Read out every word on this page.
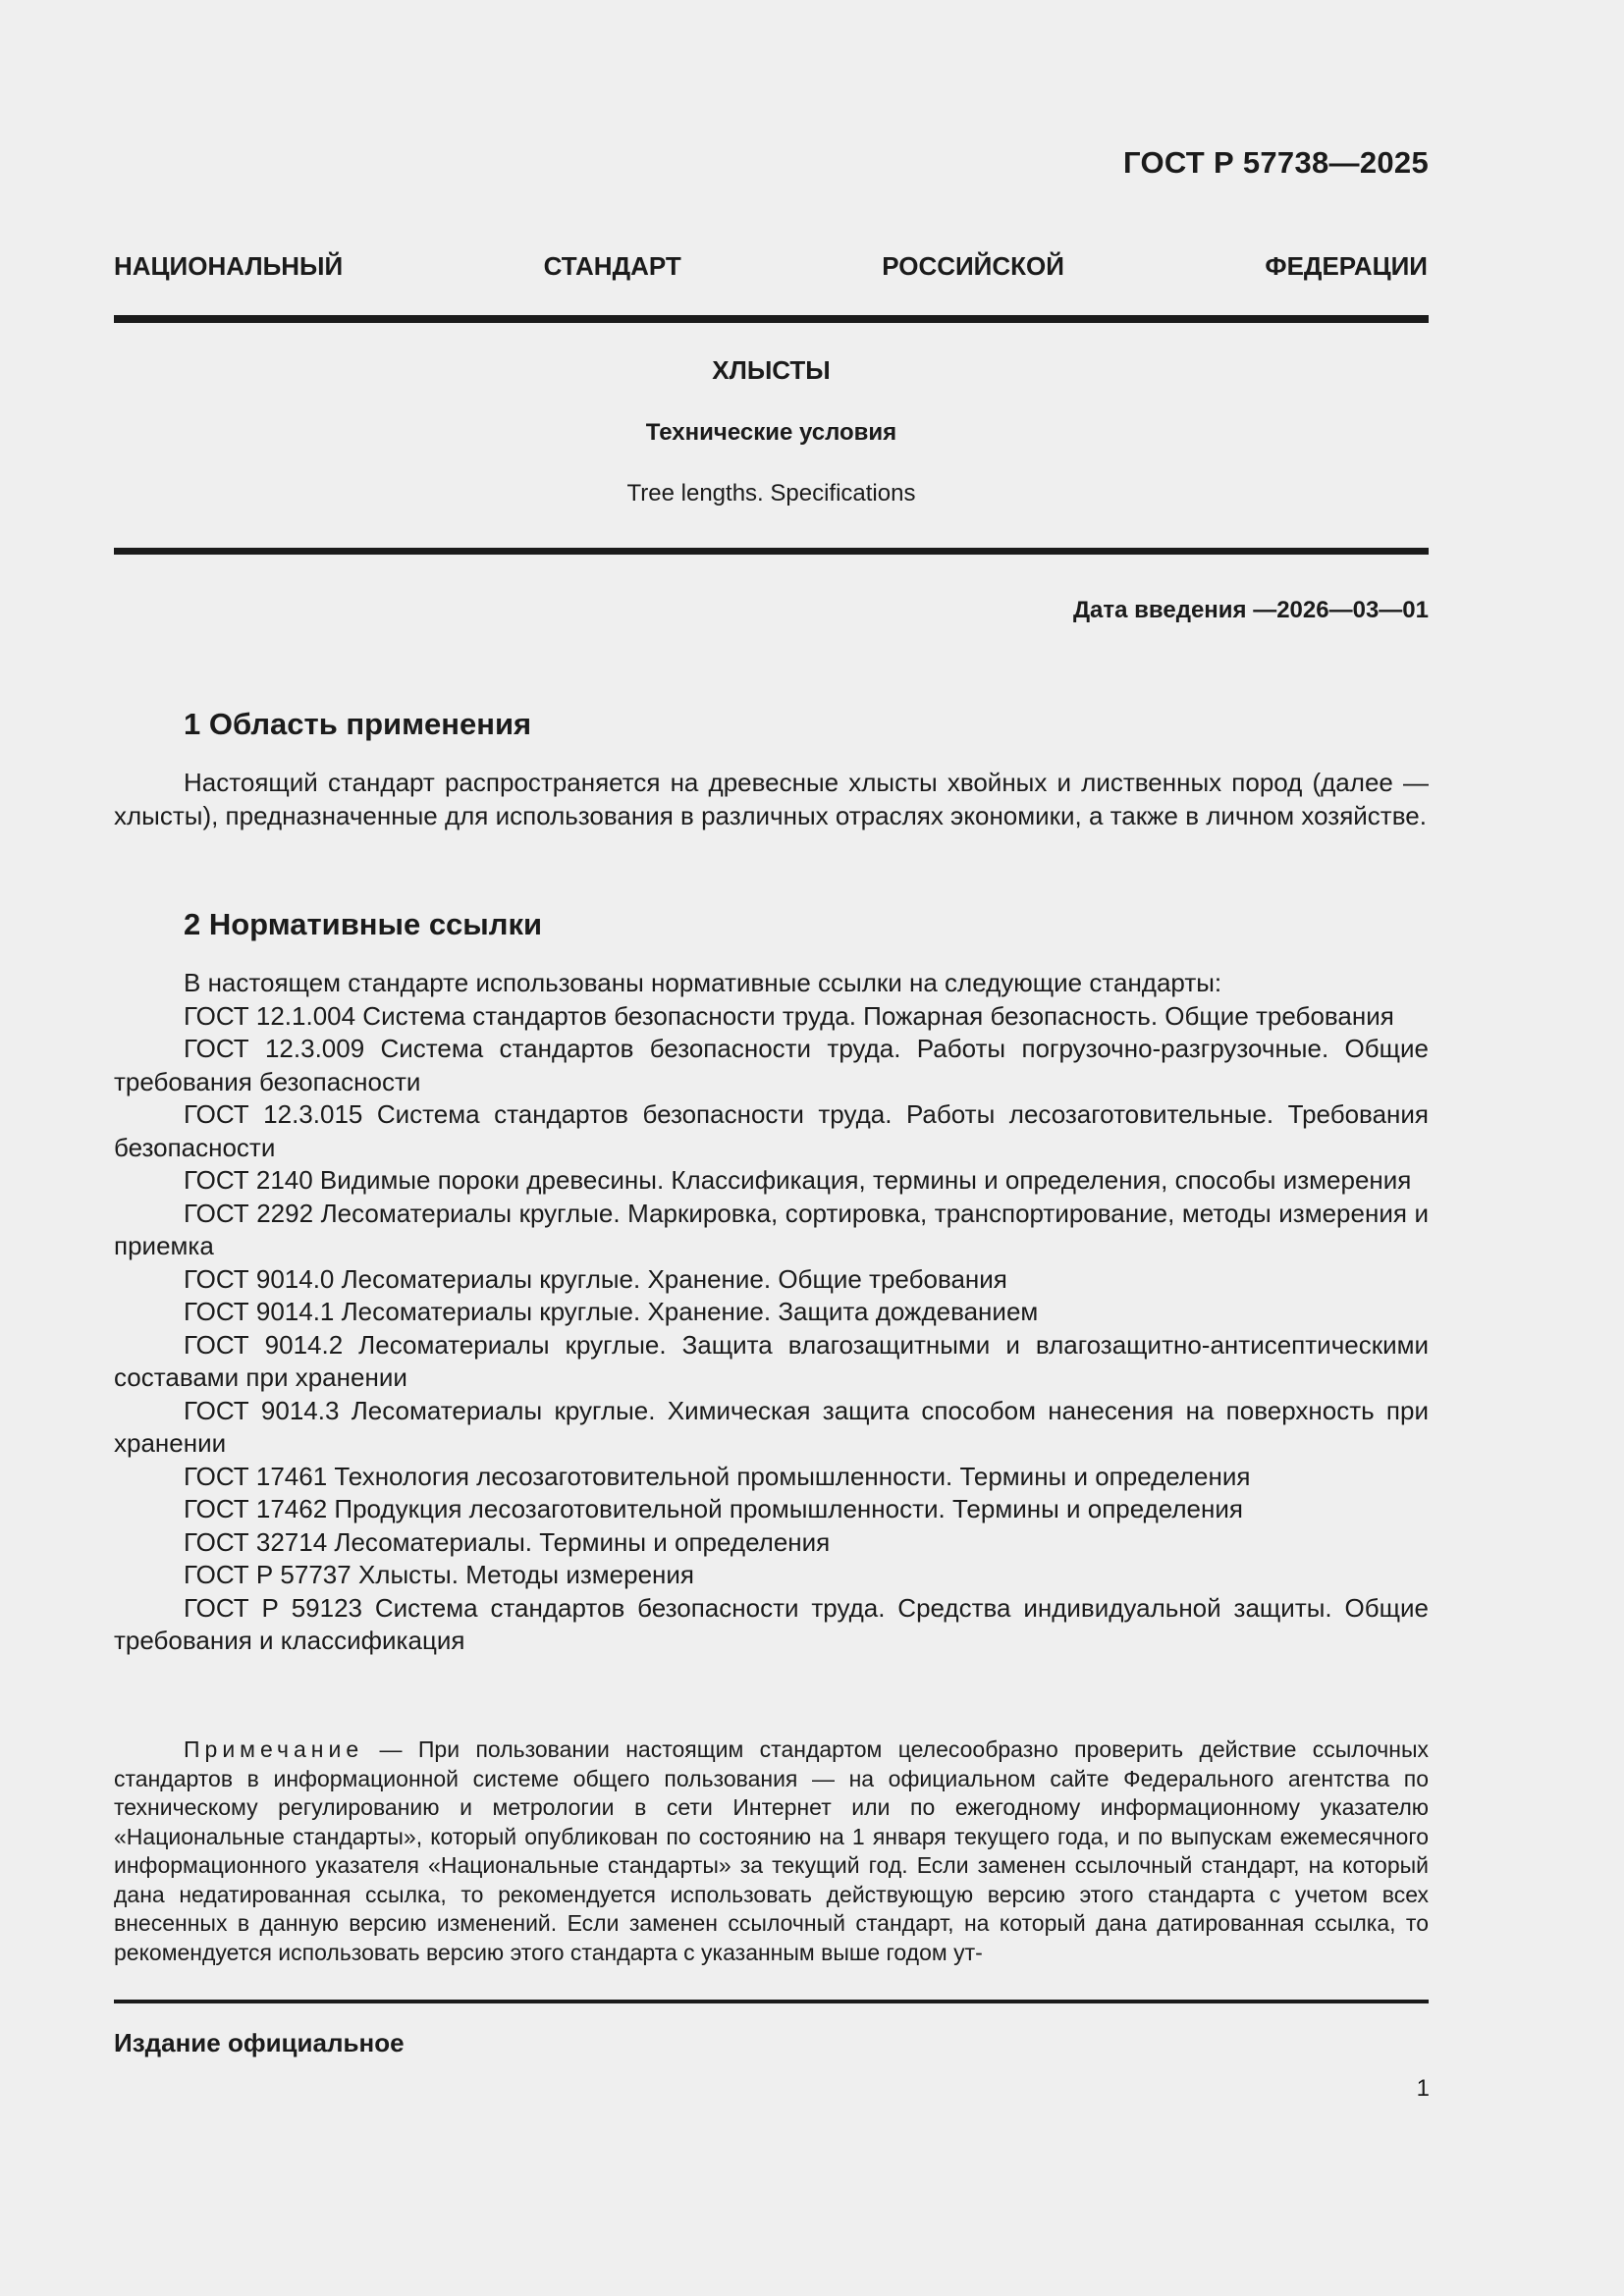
ГОСТ Р 57738—2025
НАЦИОНАЛЬНЫЙ СТАНДАРТ РОССИЙСКОЙ ФЕДЕРАЦИИ
ХЛЫСТЫ
Технические условия
Tree lengths. Specifications
Дата введения —2026—03—01
1 Область применения

Настоящий стандарт распространяется на древесные хлысты хвойных и лиственных пород (далее — хлысты), предназначенные для использования в различных отраслях экономики, а также в личном хозяйстве.

2 Нормативные ссылки

В настоящем стандарте использованы нормативные ссылки на следующие стандарты:

ГОСТ 12.1.004 Система стандартов безопасности труда. Пожарная безопасность. Общие требования

ГОСТ 12.3.009 Система стандартов безопасности труда. Работы погрузочно-разгрузочные. Общие требования безопасности

ГОСТ 12.3.015 Система стандартов безопасности труда. Работы лесозаготовительные. Требования безопасности

ГОСТ 2140 Видимые пороки древесины. Классификация, термины и определения, способы измерения

ГОСТ 2292 Лесоматериалы круглые. Маркировка, сортировка, транспортирование, методы измерения и приемка

ГОСТ 9014.0 Лесоматериалы круглые. Хранение. Общие требования

ГОСТ 9014.1 Лесоматериалы круглые. Хранение. Защита дождеванием

ГОСТ 9014.2 Лесоматериалы круглые. Защита влагозащитными и влагозащитно-антисептическими составами при хранении

ГОСТ 9014.3 Лесоматериалы круглые. Химическая защита способом нанесения на поверхность при хранении

ГОСТ 17461 Технология лесозаготовительной промышленности. Термины и определения

ГОСТ 17462 Продукция лесозаготовительной промышленности. Термины и определения

ГОСТ 32714 Лесоматериалы. Термины и определения

ГОСТ Р 57737 Хлысты. Методы измерения

ГОСТ Р 59123 Система стандартов безопасности труда. Средства индивидуальной защиты. Общие требования и классификация

Примечание — При пользовании настоящим стандартом целесообразно проверить действие ссылочных стандартов в информационной системе общего пользования — на официальном сайте Федерального агентства по техническому регулированию и метрологии в сети Интернет или по ежегодному информационному указателю «Национальные стандарты», который опубликован по состоянию на 1 января текущего года, и по выпускам ежемесячного информационного указателя «Национальные стандарты» за текущий год. Если заменен ссылочный стандарт, на который дана недатированная ссылка, то рекомендуется использовать действующую версию этого стандарта с учетом всех внесенных в данную версию изменений. Если заменен ссылочный стандарт, на который дана датированная ссылка, то рекомендуется использовать версию этого стандарта с указанным выше годом ут-
Издание официальное
1
